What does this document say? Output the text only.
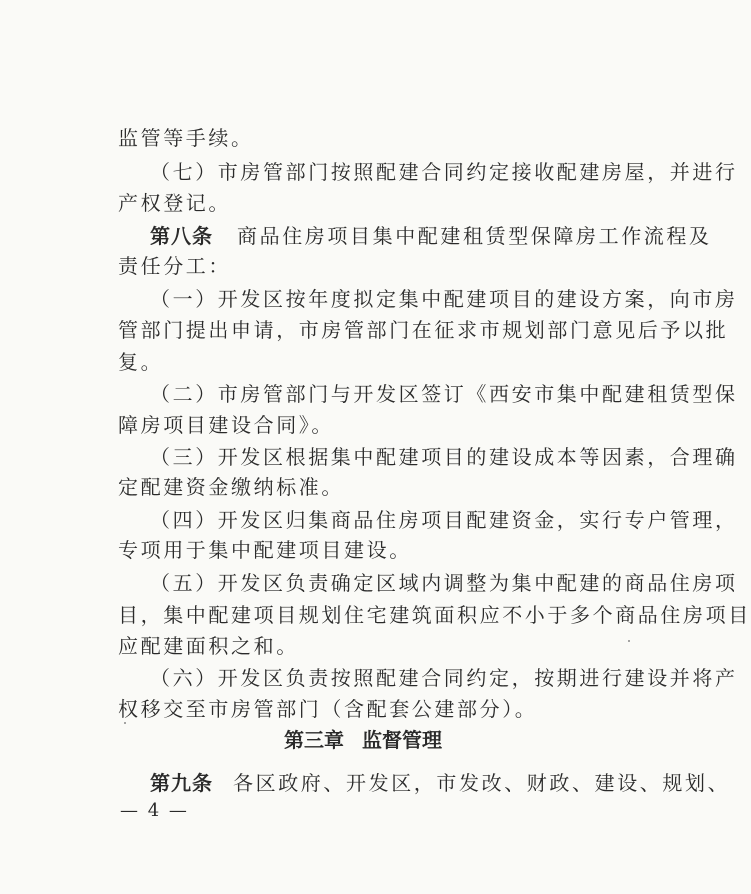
监管等手续。
（七）市房管部门按照配建合同约定接收配建房屋，并进行
产权登记。
第八条 商品住房项目集中配建租赁型保障房工作流程及
责任分工：
（一）开发区按年度拟定集中配建项目的建设方案，向市房
管部门提出申请，市房管部门在征求市规划部门意见后予以批
复。
（二）市房管部门与开发区签订《西安市集中配建租赁型保
障房项目建设合同》。
（三）开发区根据集中配建项目的建设成本等因素，合理确
定配建资金缴纳标准。
（四）开发区归集商品住房项目配建资金，实行专户管理，
专项用于集中配建项目建设。
（五）开发区负责确定区域内调整为集中配建的商品住房项
目，集中配建项目规划住宅建筑面积应不小于多个商品住房项目
应配建面积之和。
（六）开发区负责按照配建合同约定，按期进行建设并将产
权移交至市房管部门（含配套公建部分）。
第三章 监督管理
第九条 各区政府、开发区，市发改、财政、建设、规划、
— 4 —
